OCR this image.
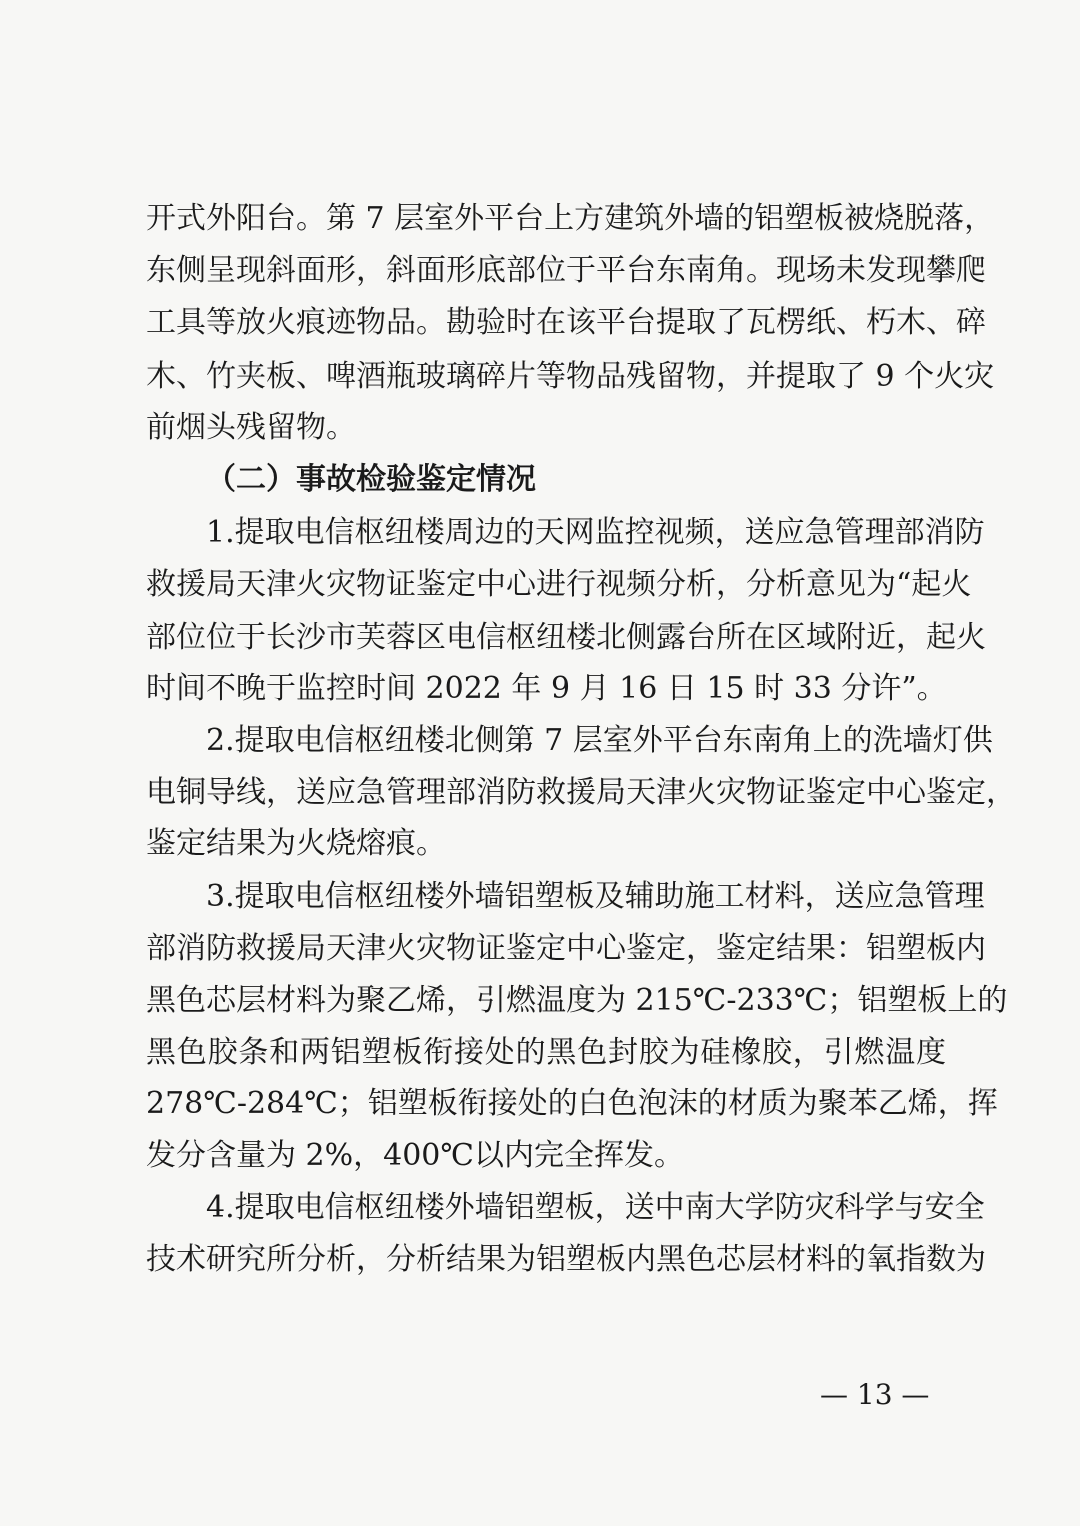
开式外阳台。第 7 层室外平台上方建筑外墙的铝塑板被烧脱落，
东侧呈现斜面形，斜面形底部位于平台东南角。现场未发现攀爬
工具等放火痕迹物品。勘验时在该平台提取了瓦楞纸、朽木、碎
木、竹夹板、啤酒瓶玻璃碎片等物品残留物，并提取了 9 个火灾
前烟头残留物。
（二）事故检验鉴定情况
1.提取电信枢纽楼周边的天网监控视频，送应急管理部消防
救援局天津火灾物证鉴定中心进行视频分析，分析意见为“起火
部位位于长沙市芙蓉区电信枢纽楼北侧露台所在区域附近，起火
时间不晚于监控时间 2022 年 9 月 16 日 15 时 33 分许”。
2.提取电信枢纽楼北侧第 7 层室外平台东南角上的洗墙灯供
电铜导线，送应急管理部消防救援局天津火灾物证鉴定中心鉴定，
鉴定结果为火烧熔痕。
3.提取电信枢纽楼外墙铝塑板及辅助施工材料，送应急管理
部消防救援局天津火灾物证鉴定中心鉴定，鉴定结果：铝塑板内
黑色芯层材料为聚乙烯，引燃温度为 215℃-233℃；铝塑板上的
黑色胶条和两铝塑板衔接处的黑色封胶为硅橡胶，引燃温度
278℃-284℃；铝塑板衔接处的白色泡沫的材质为聚苯乙烯，挥
发分含量为 2%，400℃以内完全挥发。
4.提取电信枢纽楼外墙铝塑板，送中南大学防灾科学与安全
技术研究所分析，分析结果为铝塑板内黑色芯层材料的氧指数为
— 13 —
